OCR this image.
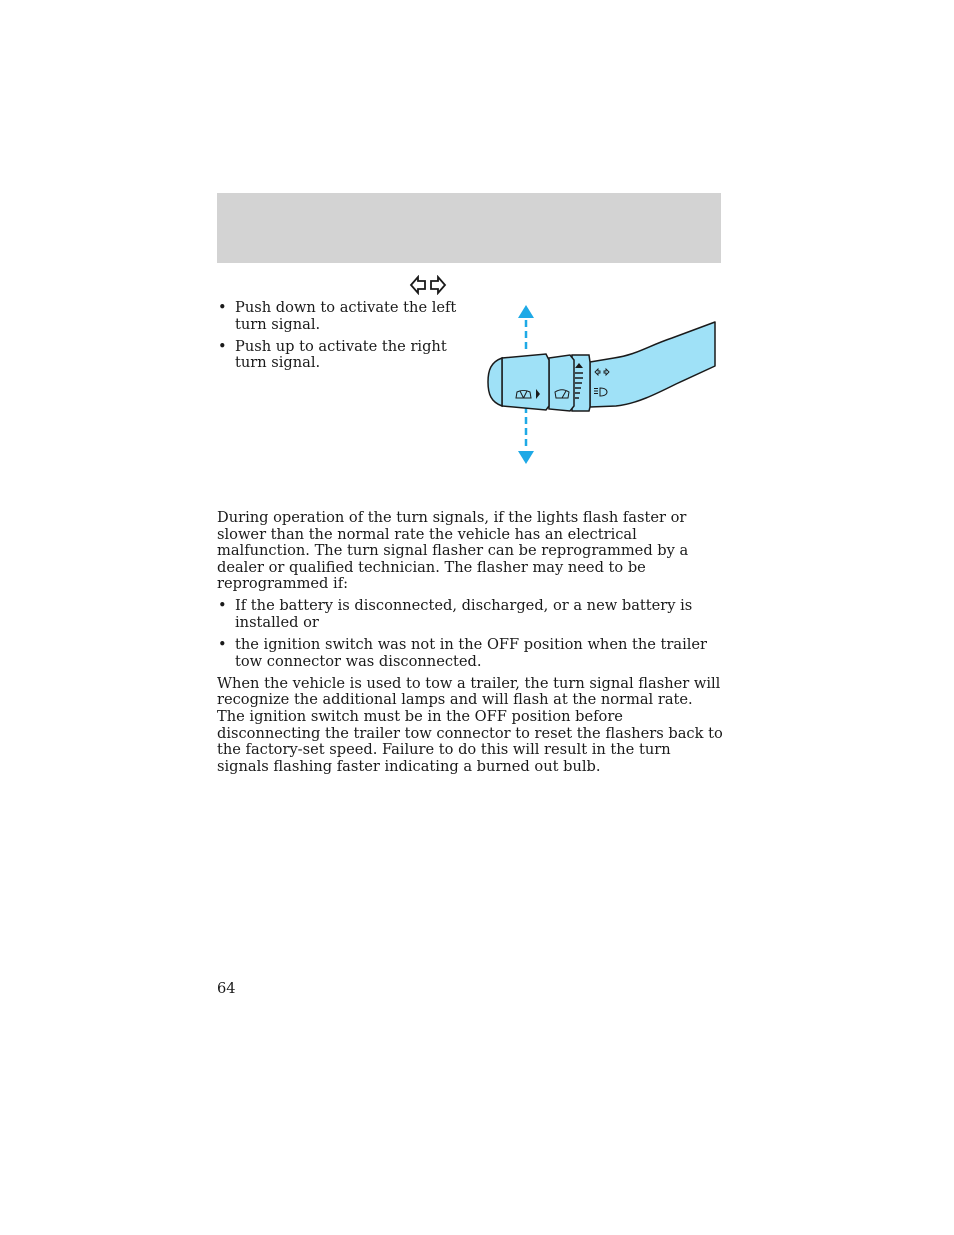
• Push down to activate the left turn signal.
• Push up to activate the right turn signal.

During operation of the turn signals, if the lights flash faster or slower than the normal rate the vehicle has an electrical malfunction. The turn signal flasher can be reprogrammed by a dealer or qualified technician. The flasher may need to be reprogrammed if:

• If the battery is disconnected, discharged, or a new battery is installed or
• the ignition switch was not in the OFF position when the trailer tow connector was disconnected.

When the vehicle is used to tow a trailer, the turn signal flasher will recognize the additional lamps and will flash at the normal rate. The ignition switch must be in the OFF position before disconnecting the trailer tow connector to reset the flashers back to the factory-set speed. Failure to do this will result in the turn signals flashing faster indicating a burned out bulb.

64
